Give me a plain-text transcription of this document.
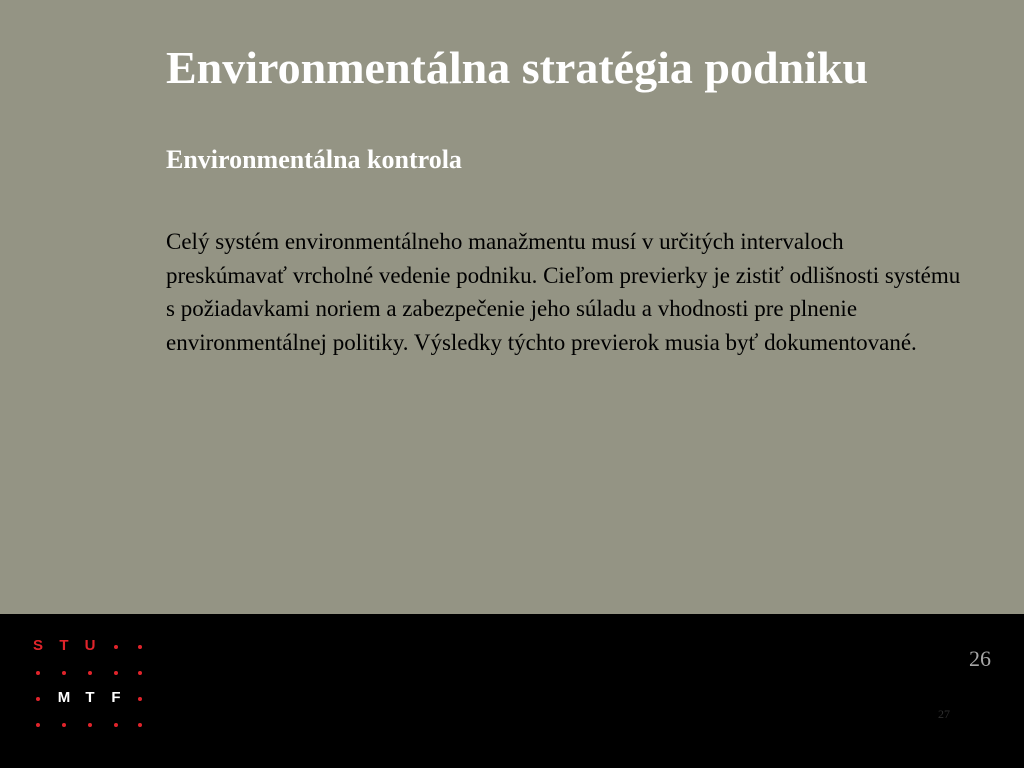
Environmentálna stratégia podniku
Environmentálna kontrola

Celý systém environmentálneho manažmentu musí v určitých intervaloch preskúmavať vrcholné vedenie podniku. Cieľom previerky je zistiť odlišnosti systému s požiadavkami noriem a zabezpečenie jeho súladu a vhodnosti pre plnenie environmentálnej politiky. Výsledky týchto previerok musia byť dokumentované.

S	T	U
M	T	F
26
27
